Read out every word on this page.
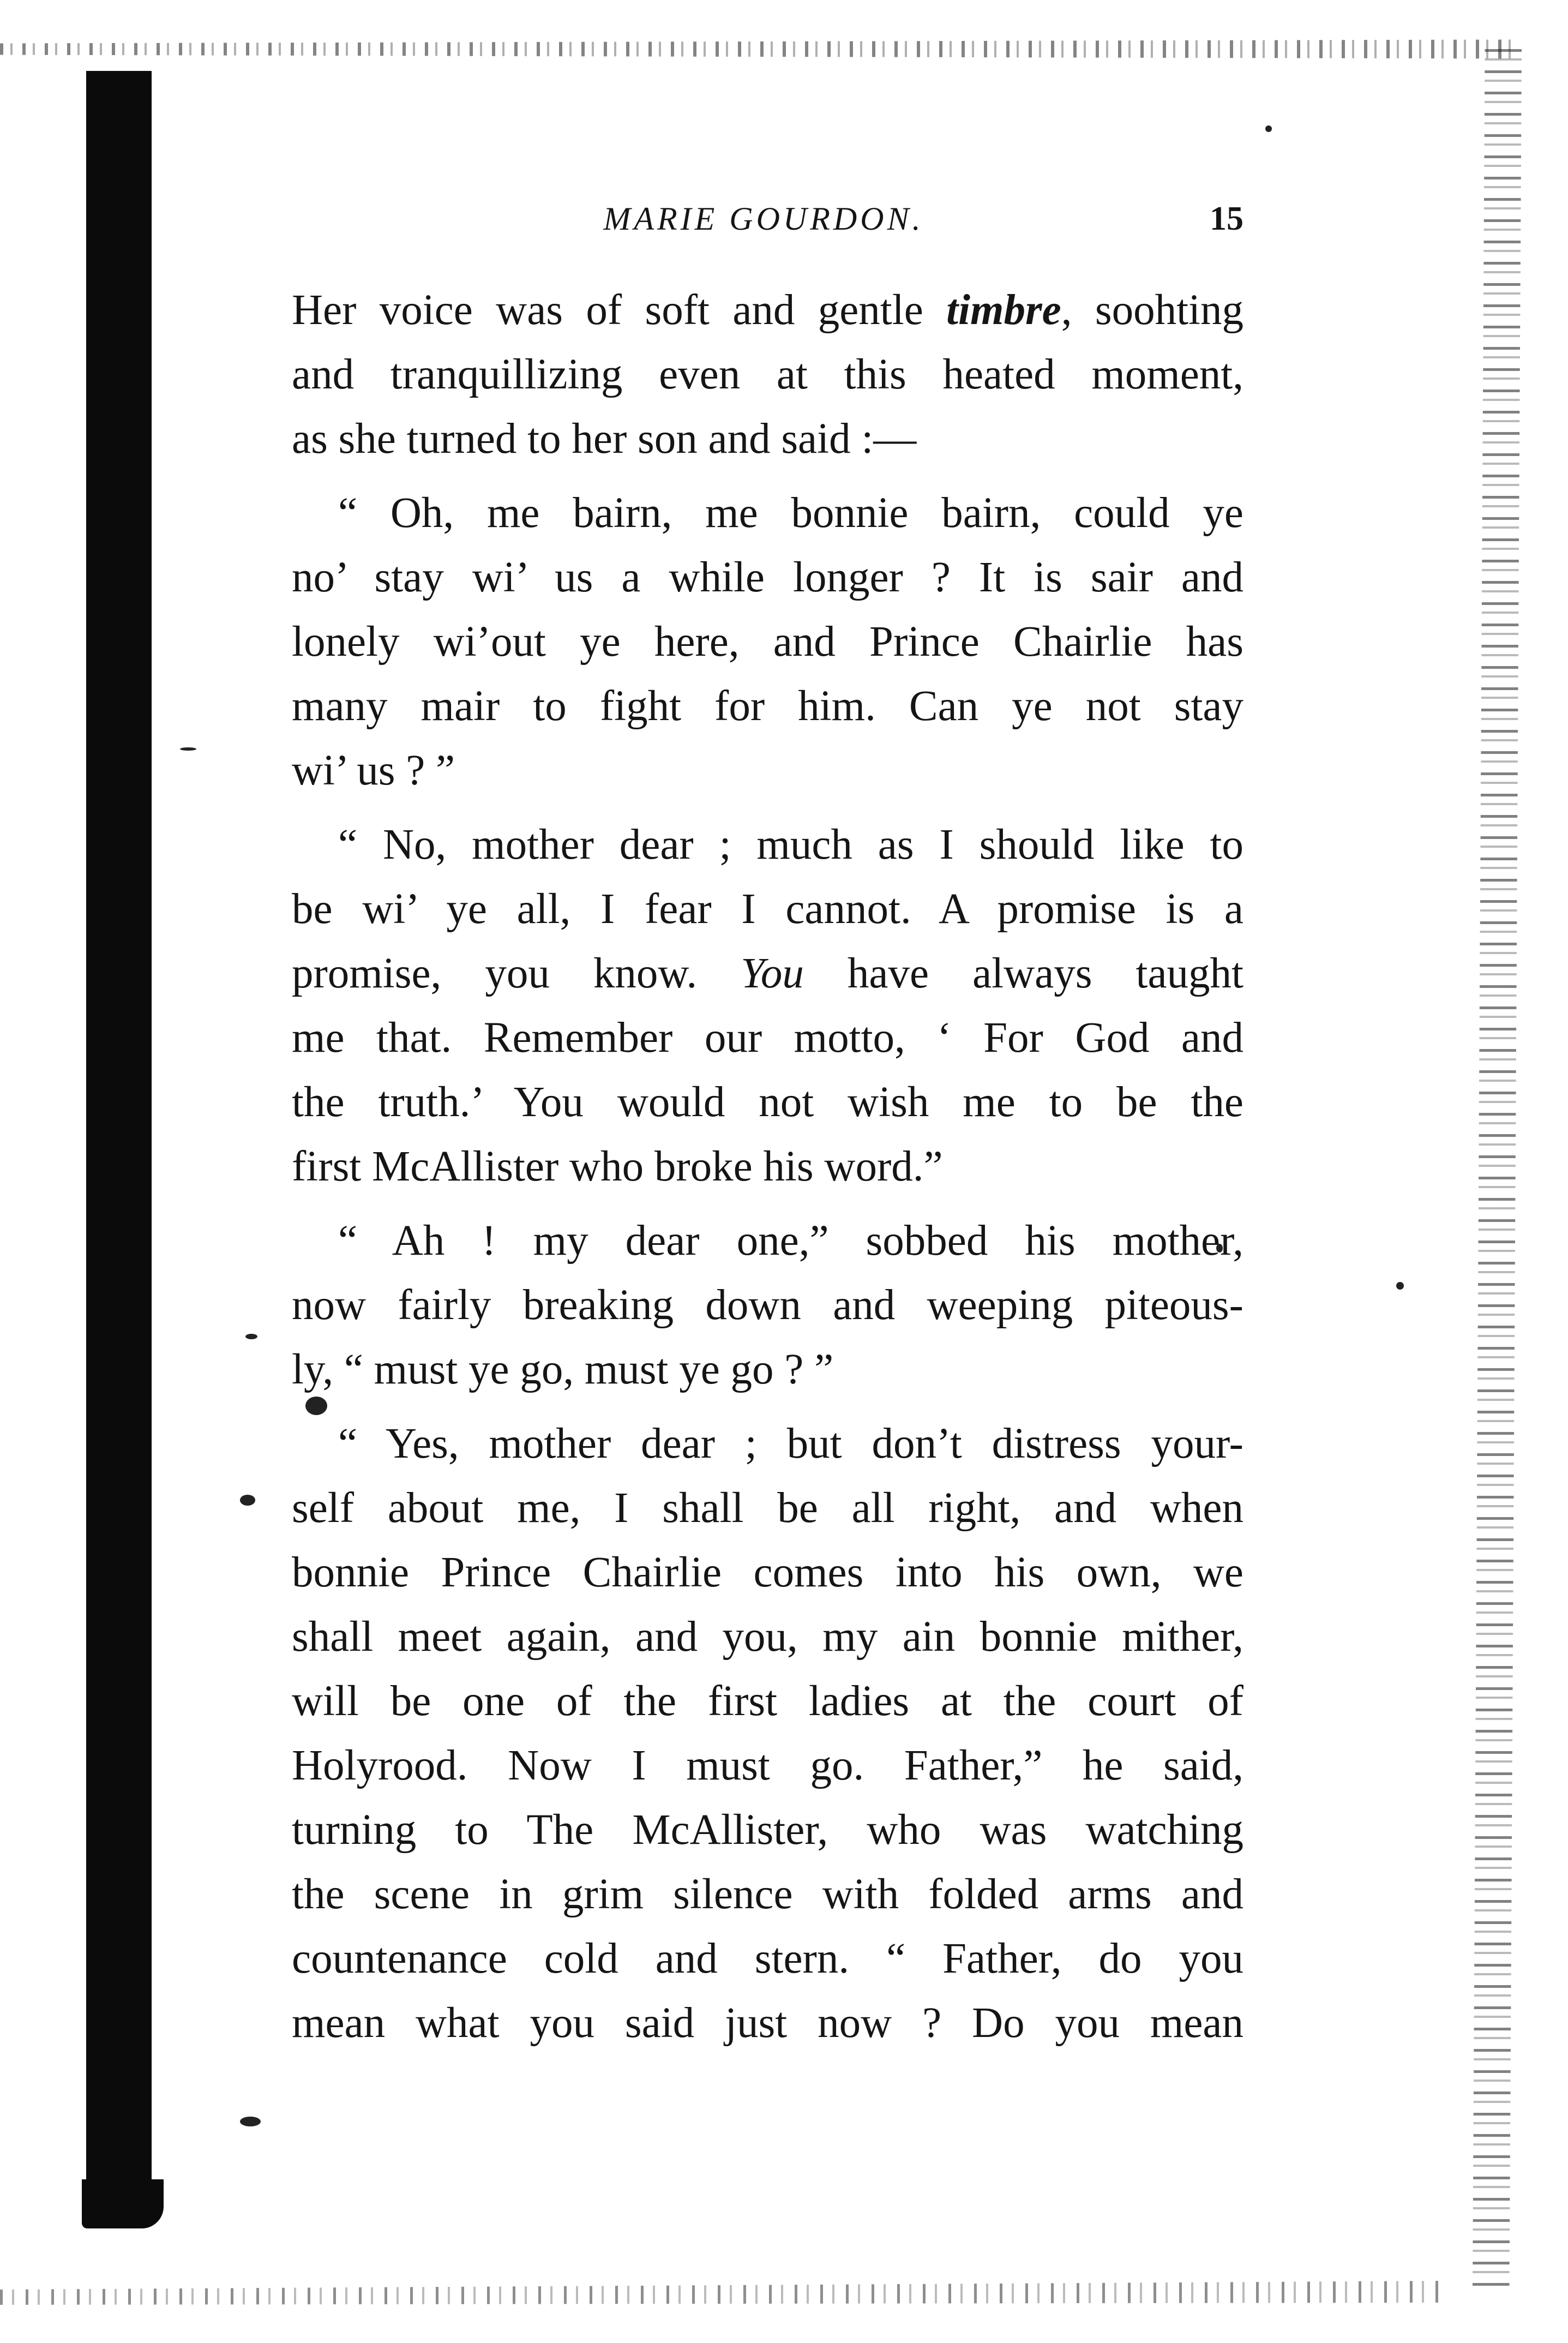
MARIE GOURDON.	15
Her voice was of soft and gentle timbre, soohting
and tranquillizing even at this heated moment,
as she turned to her son and said :—
“ Oh, me bairn, me bonnie bairn, could ye
no’ stay wi’ us a while longer ? It is sair and
lonely wi’out ye here, and Prince Chairlie has
many mair to fight for him. Can ye not stay
wi’ us ? ”
“ No, mother dear ; much as I should like to
be wi’ ye all, I fear I cannot. A promise is a
promise, you know. You have always taught
me that. Remember our motto, ‘ For God and
the truth.’ You would not wish me to be the
first McAllister who broke his word.”
“ Ah ! my dear one,” sobbed his mother,
now fairly breaking down and weeping piteous-
ly, “ must ye go, must ye go ? ”
“ Yes, mother dear ; but don’t distress your-
self about me, I shall be all right, and when
bonnie Prince Chairlie comes into his own, we
shall meet again, and you, my ain bonnie mither,
will be one of the first ladies at the court of
Holyrood. Now I must go. Father,” he said,
turning to The McAllister, who was watching
the scene in grim silence with folded arms and
countenance cold and stern. “ Father, do you
mean what you said just now ? Do you mean
